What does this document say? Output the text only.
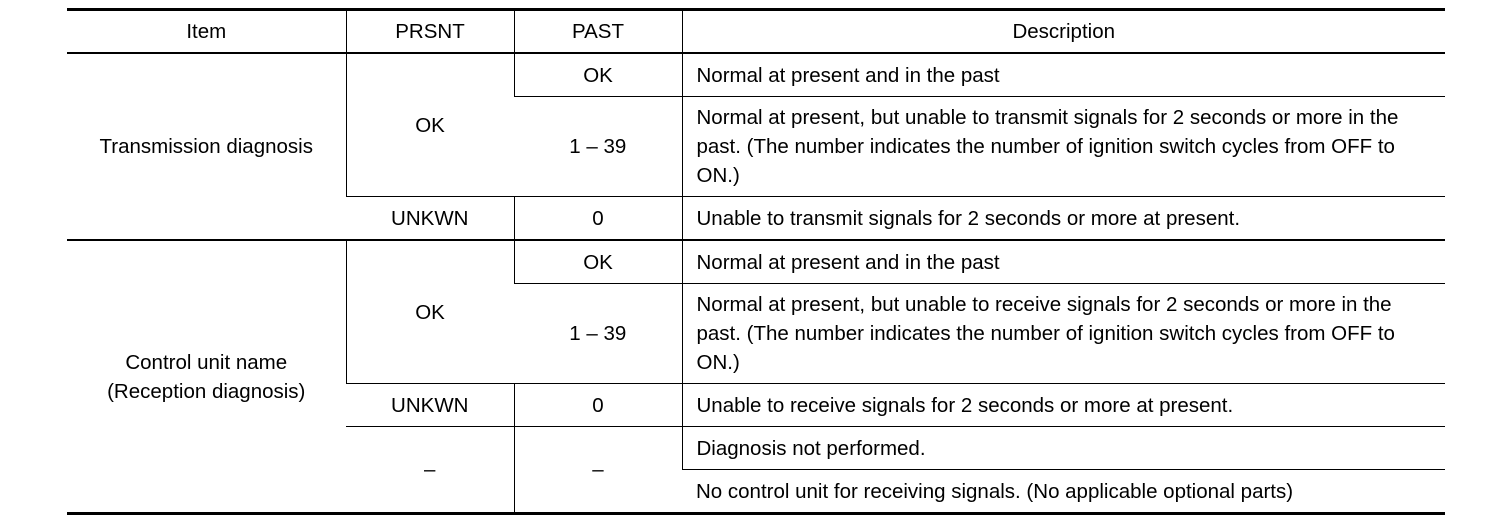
Item	PRSNT	PAST	Description
Transmission diagnosis	OK	OK	Normal at present and in the past
		1 – 39	Normal at present, but unable to transmit signals for 2 seconds or more in the past. (The number indicates the number of ignition switch cycles from OFF to ON.)
	UNKWN	0	Unable to transmit signals for 2 seconds or more at present.
Control unit name (Reception diagnosis)	OK	OK	Normal at present and in the past
		1 – 39	Normal at present, but unable to receive signals for 2 seconds or more in the past. (The number indicates the number of ignition switch cycles from OFF to ON.)
	UNKWN	0	Unable to receive signals for 2 seconds or more at present.
	–	–	Diagnosis not performed.
			No control unit for receiving signals. (No applicable optional parts)
